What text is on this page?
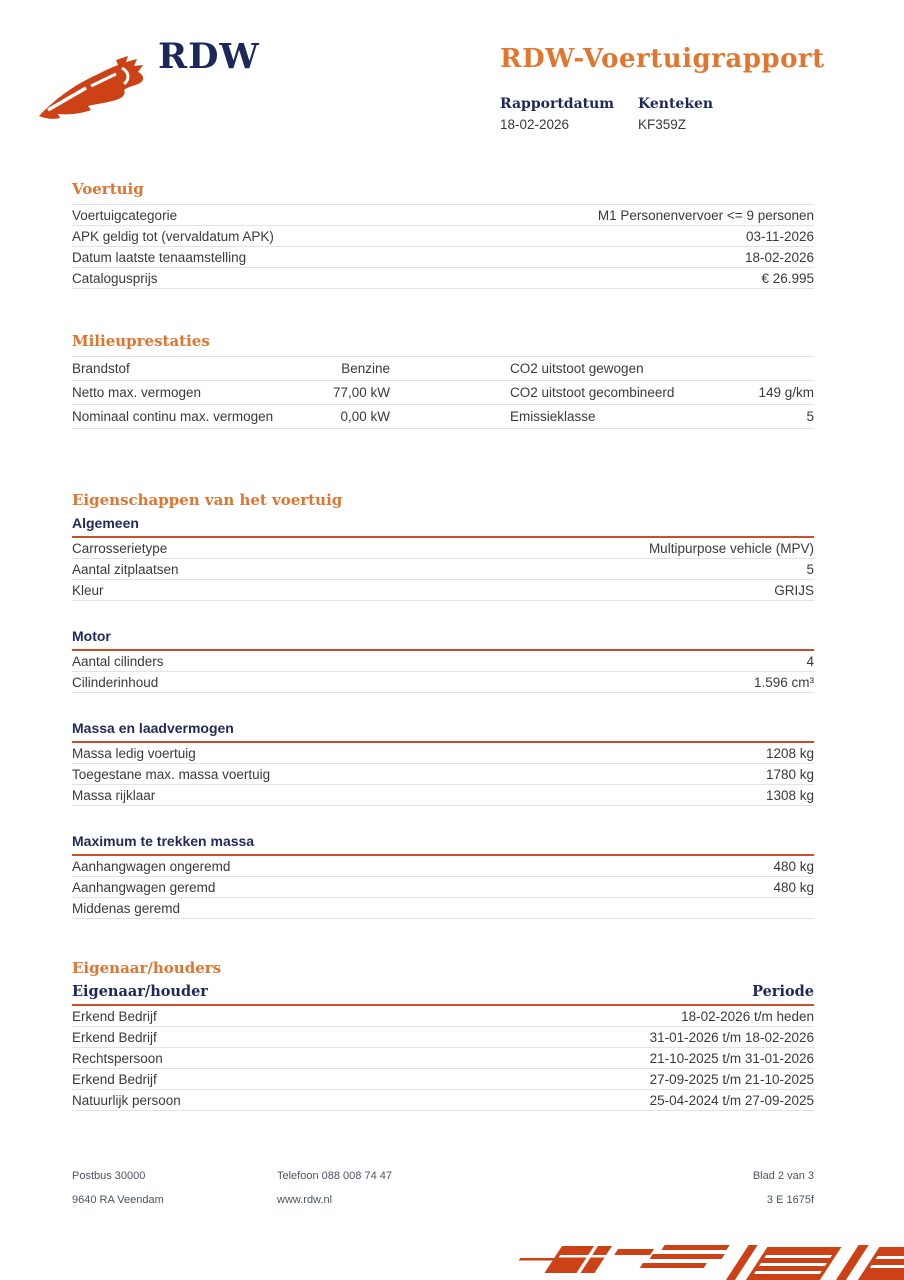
RDW	RDW-Voertuigrapport
Rapportdatum
18-02-2026
Kenteken
KF359Z
Voertuig
Voertuigcategorie	M1 Personenvervoer <= 9 personen
APK geldig tot (vervaldatum APK)	03-11-2026
Datum laatste tenaamstelling	18-02-2026
Catalogusprijs	€ 26.995
Milieuprestaties
Brandstof	Benzine	CO2 uitstoot gewogen
Netto max. vermogen	77,00 kW	CO2 uitstoot gecombineerd	149 g/km
Nominaal continu max. vermogen	0,00 kW	Emissieklasse	5
Eigenschappen van het voertuig
Algemeen
Carrosserietype	Multipurpose vehicle (MPV)
Aantal zitplaatsen	5
Kleur	GRIJS
Motor
Aantal cilinders	4
Cilinderinhoud	1.596 cm³
Massa en laadvermogen
Massa ledig voertuig	1208 kg
Toegestane max. massa voertuig	1780 kg
Massa rijklaar	1308 kg
Maximum te trekken massa
Aanhangwagen ongeremd	480 kg
Aanhangwagen geremd	480 kg
Middenas geremd
Eigenaar/houders
Eigenaar/houder	Periode
Erkend Bedrijf	18-02-2026 t/m heden
Erkend Bedrijf	31-01-2026 t/m 18-02-2026
Rechtspersoon	21-10-2025 t/m 31-01-2026
Erkend Bedrijf	27-09-2025 t/m 21-10-2025
Natuurlijk persoon	25-04-2024 t/m 27-09-2025
Postbus 30000	Telefoon 088 008 74 47	Blad 2 van 3
9640 RA Veendam	www.rdw.nl	3 E 1675f
